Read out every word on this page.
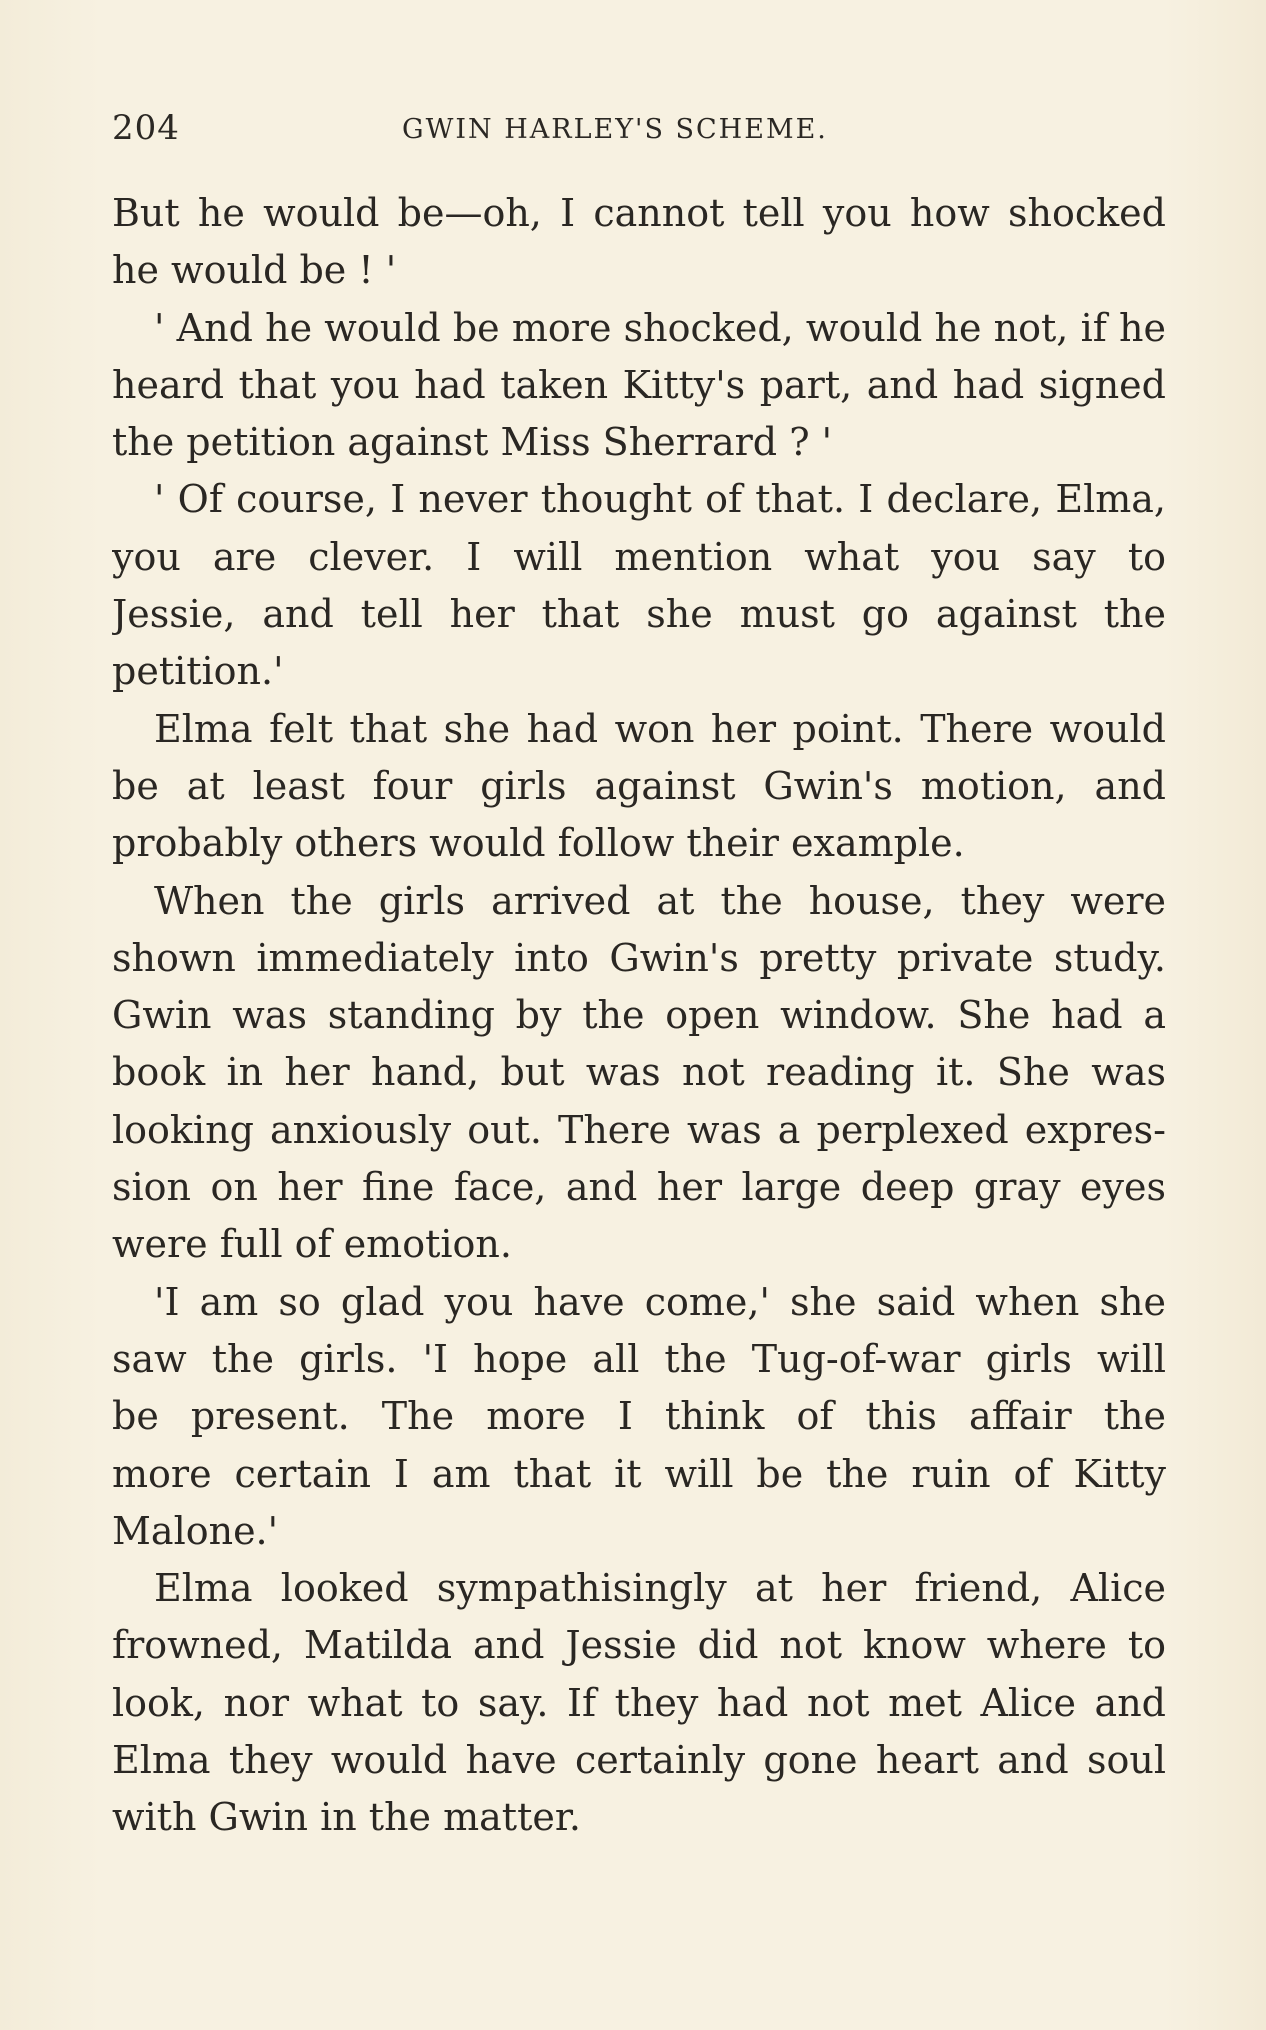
204	GWIN HARLEY'S SCHEME.
But he would be—oh, I cannot tell you how shocked
he would be ! '
' And he would be more shocked, would he not, if he
heard that you had taken Kitty's part, and had signed
the petition against Miss Sherrard ? '
' Of course, I never thought of that. I declare, Elma,
you are clever. I will mention what you say to
Jessie, and tell her that she must go against the
petition.'
Elma felt that she had won her point. There would
be at least four girls against Gwin's motion, and
probably others would follow their example.
When the girls arrived at the house, they were
shown immediately into Gwin's pretty private study.
Gwin was standing by the open window. She had a
book in her hand, but was not reading it. She was
looking anxiously out. There was a perplexed expres-
sion on her fine face, and her large deep gray eyes
were full of emotion.
'I am so glad you have come,' she said when she
saw the girls. 'I hope all the Tug-of-war girls will
be present. The more I think of this affair the
more certain I am that it will be the ruin of Kitty
Malone.'
Elma looked sympathisingly at her friend, Alice
frowned, Matilda and Jessie did not know where to
look, nor what to say. If they had not met Alice and
Elma they would have certainly gone heart and soul
with Gwin in the matter.
